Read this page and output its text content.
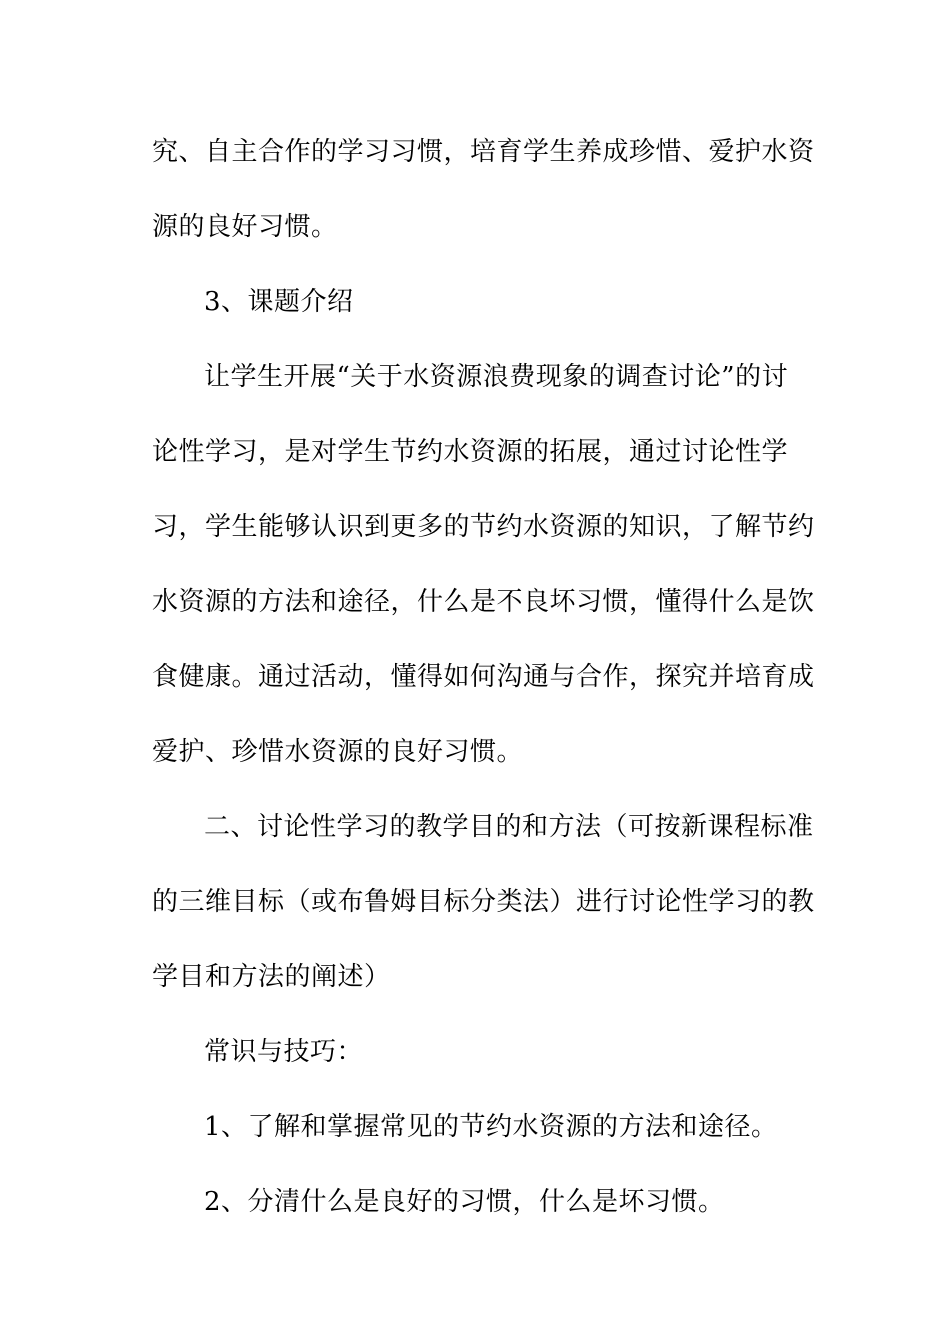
究、自主合作的学习习惯，培育学生养成珍惜、爱护水资
源的良好习惯。
3、课题介绍
让学生开展“关于水资源浪费现象的调查讨论”的讨
论性学习，是对学生节约水资源的拓展，通过讨论性学
习，学生能够认识到更多的节约水资源的知识，了解节约
水资源的方法和途径，什么是不良坏习惯，懂得什么是饮
食健康。通过活动，懂得如何沟通与合作，探究并培育成
爱护、珍惜水资源的良好习惯。
二、讨论性学习的教学目的和方法（可按新课程标准
的三维目标（或布鲁姆目标分类法）进行讨论性学习的教
学目和方法的阐述）
常识与技巧：
1、了解和掌握常见的节约水资源的方法和途径。
2、分清什么是良好的习惯，什么是坏习惯。
